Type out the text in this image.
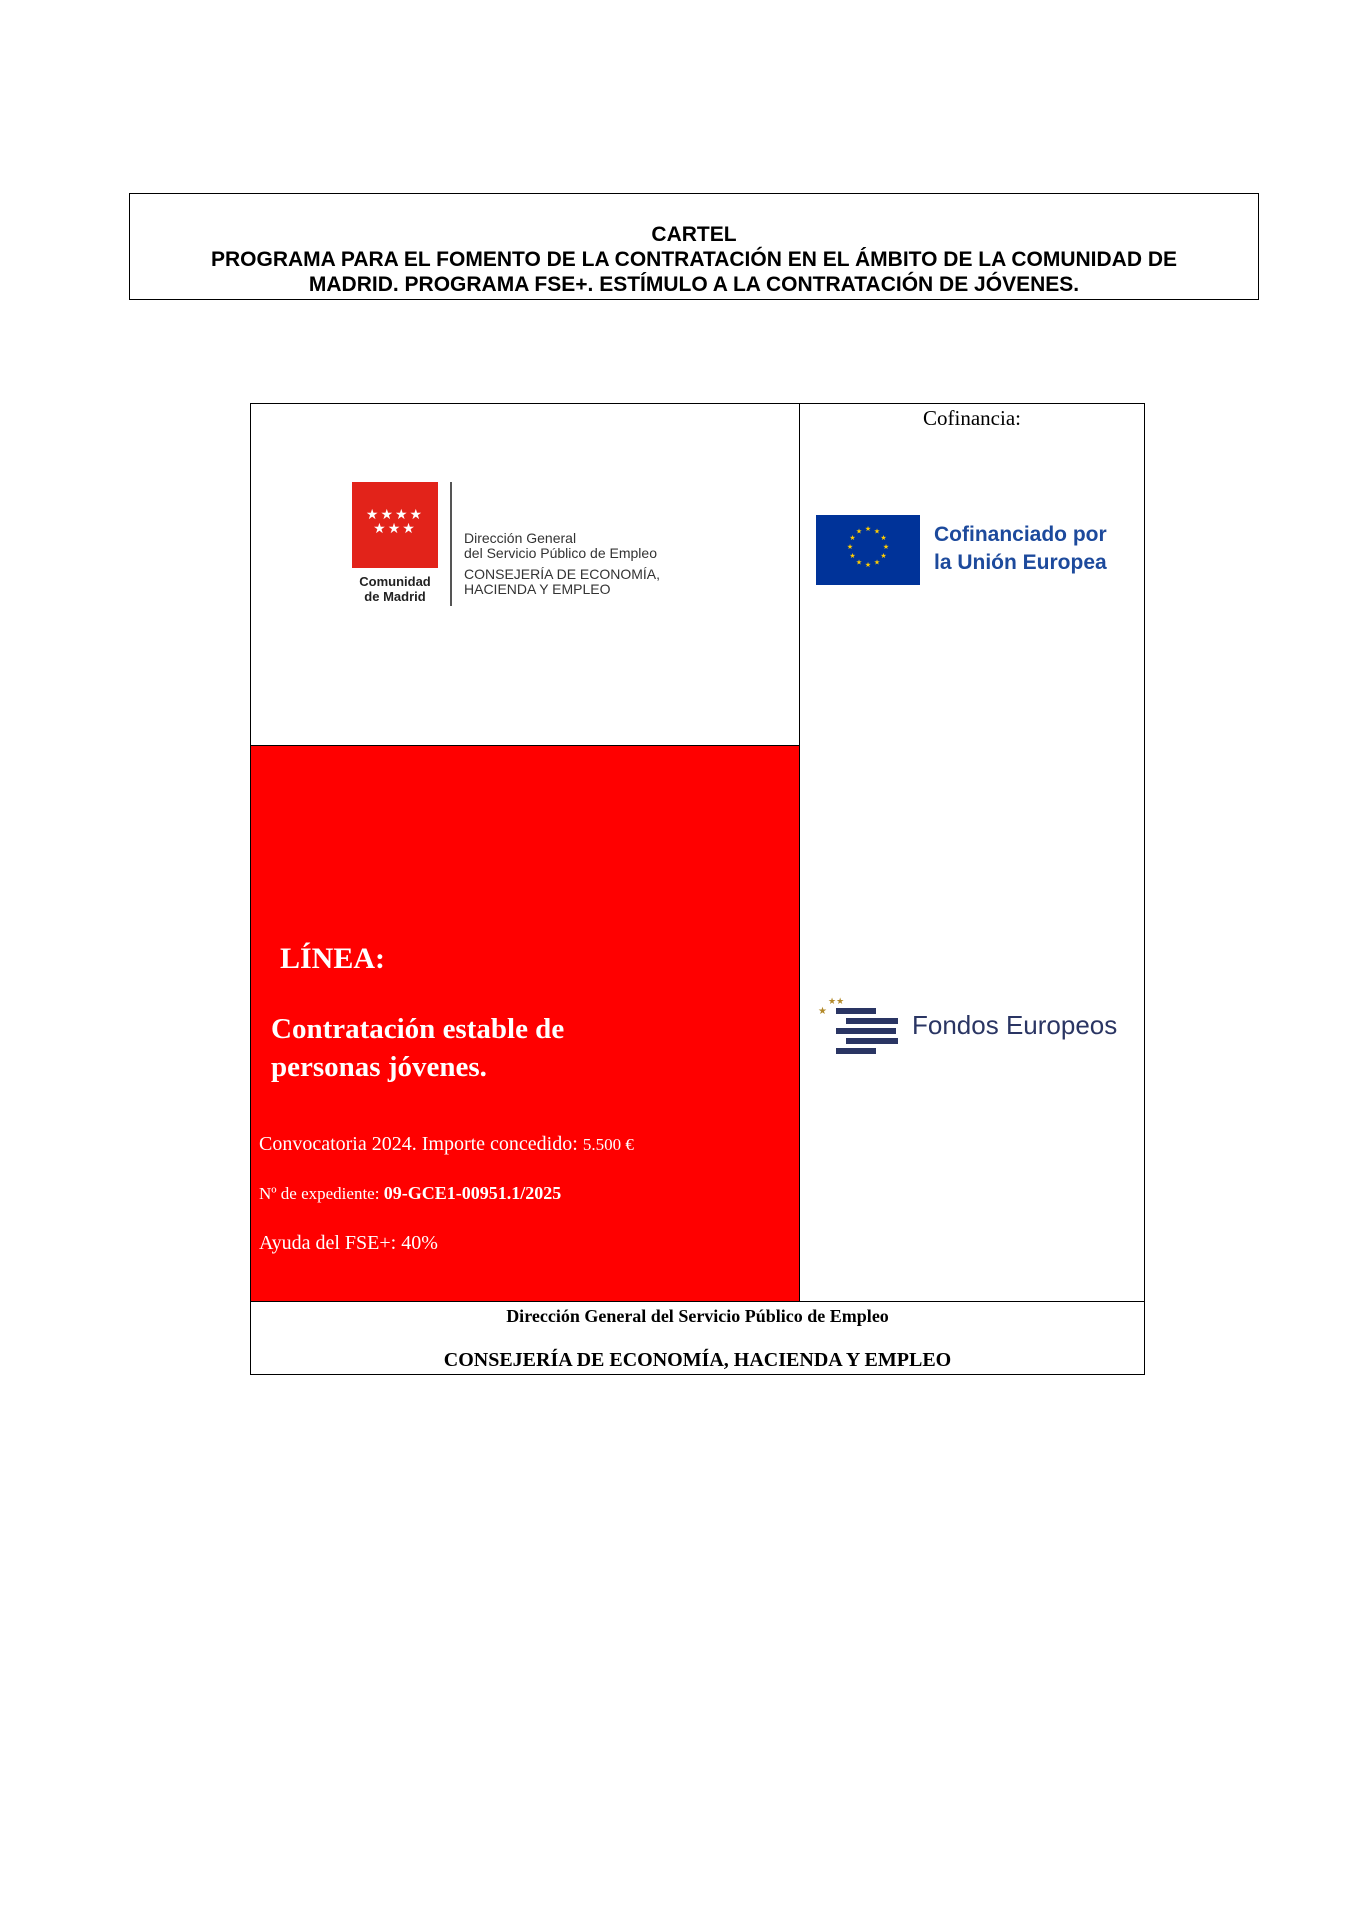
CARTEL
PROGRAMA PARA EL FOMENTO DE LA CONTRATACIÓN EN EL ÁMBITO DE LA COMUNIDAD DE
MADRID. PROGRAMA FSE+. ESTÍMULO A LA CONTRATACIÓN DE JÓVENES.
★★★★
★★★
Comunidad
de Madrid
Dirección General
del Servicio Público de Empleo
CONSEJERÍA DE ECONOMÍA,
HACIENDA Y EMPLEO
Cofinancia:
★ ★
★
★
★
★
★
★
★
★
★
★	Cofinanciado por
la Unión Europea
★
★★
Fondos Europeos
LÍNEA:
Contratación estable de
personas jóvenes.
Convocatoria 2024. Importe concedido: 5.500 €
Nº de expediente: 09-GCE1-00951.1/2025
Ayuda del FSE+: 40%
Dirección General del Servicio Público de Empleo
CONSEJERÍA DE ECONOMÍA, HACIENDA Y EMPLEO
